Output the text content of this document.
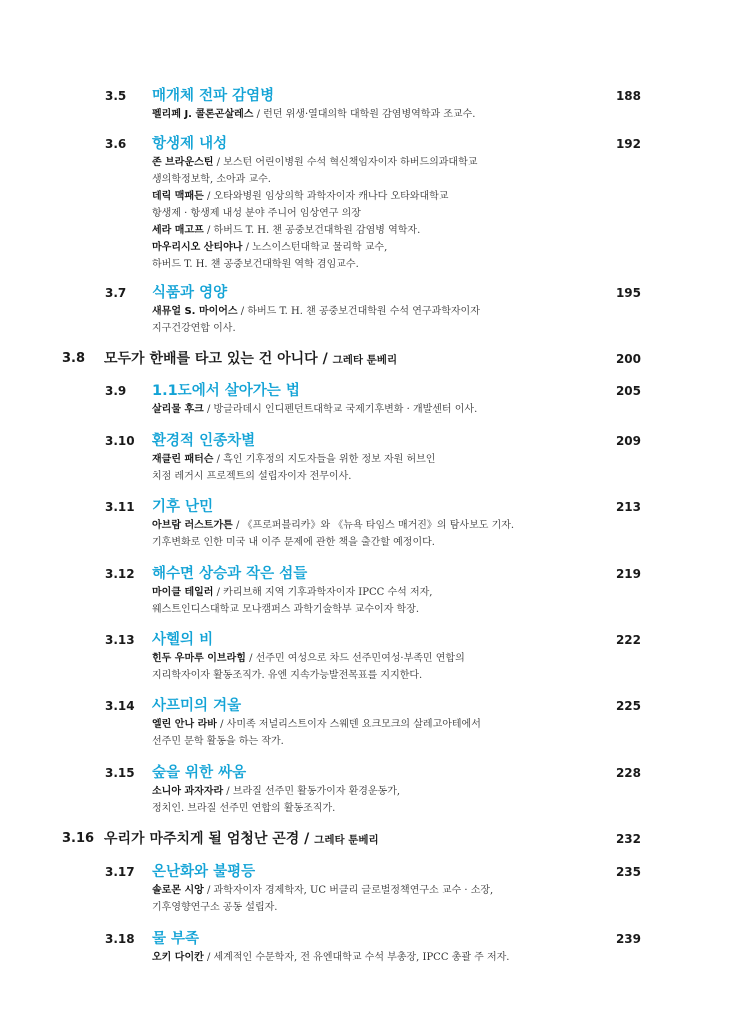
3.5 매개체 전파 감염병	188
펠리페 J. 콜론곤살레스 / 런던 위생·열대의학 대학원 감염병역학과 조교수.
3.6 항생제 내성	192
존 브라운스틴 / 보스턴 어린이병원 수석 혁신책임자이자 하버드의과대학교
생의학정보학, 소아과 교수.
데릭 맥패든 / 오타와병원 임상의학 과학자이자 캐나다 오타와대학교
항생제 · 항생제 내성 분야 주니어 임상연구 의장
세라 매고프 / 하버드 T. H. 챈 공중보건대학원 감염병 역학자.
마우리시오 산티야나 / 노스이스턴대학교 물리학 교수,
하버드 T. H. 챈 공중보건대학원 역학 겸임교수.
3.7 식품과 영양	195
새뮤얼 S. 마이어스 / 하버드 T. H. 챈 공중보건대학원 수석 연구과학자이자
지구건강연합 이사.
3.8 모두가 한배를 타고 있는 건 아니다 / 그레타 툰베리	200
3.9 1.1도에서 살아가는 법	205
살리물 후크 / 방글라데시 인디펜던트대학교 국제기후변화 · 개발센터 이사.
3.10 환경적 인종차별	209
재클린 패터슨 / 흑인 기후정의 지도자들을 위한 정보 자원 허브인
치점 레거시 프로젝트의 설립자이자 전무이사.
3.11 기후 난민	213
아브람 러스트가튼 / 《프로퍼블리카》와 《뉴욕 타임스 매거진》의 탐사보도 기자.
기후변화로 인한 미국 내 이주 문제에 관한 책을 출간할 예정이다.
3.12 해수면 상승과 작은 섬들	219
마이클 테일러 / 카리브해 지역 기후과학자이자 IPCC 수석 저자,
웨스트인디스대학교 모나캠퍼스 과학기술학부 교수이자 학장.
3.13 사헬의 비	222
힌두 우마루 이브라힘 / 선주민 여성으로 차드 선주민여성·부족민 연합의
지리학자이자 활동조직가. 유엔 지속가능발전목표를 지지한다.
3.14 사프미의 겨울	225
엘린 안나 라바 / 사미족 저널리스트이자 스웨덴 요크모크의 살레고아테에서
선주민 문학 활동을 하는 작가.
3.15 숲을 위한 싸움	228
소니아 과자자라 / 브라질 선주민 활동가이자 환경운동가,
정치인. 브라질 선주민 연합의 활동조직가.
3.16 우리가 마주치게 될 엄청난 곤경 / 그레타 툰베리	232
3.17 온난화와 불평등	235
솔로몬 시앙 / 과학자이자 경제학자, UC 버클리 글로벌정책연구소 교수 · 소장,
기후영향연구소 공동 설립자.
3.18 물 부족	239
오키 다이칸 / 세계적인 수문학자, 전 유엔대학교 수석 부총장, IPCC 총괄 주 저자.
